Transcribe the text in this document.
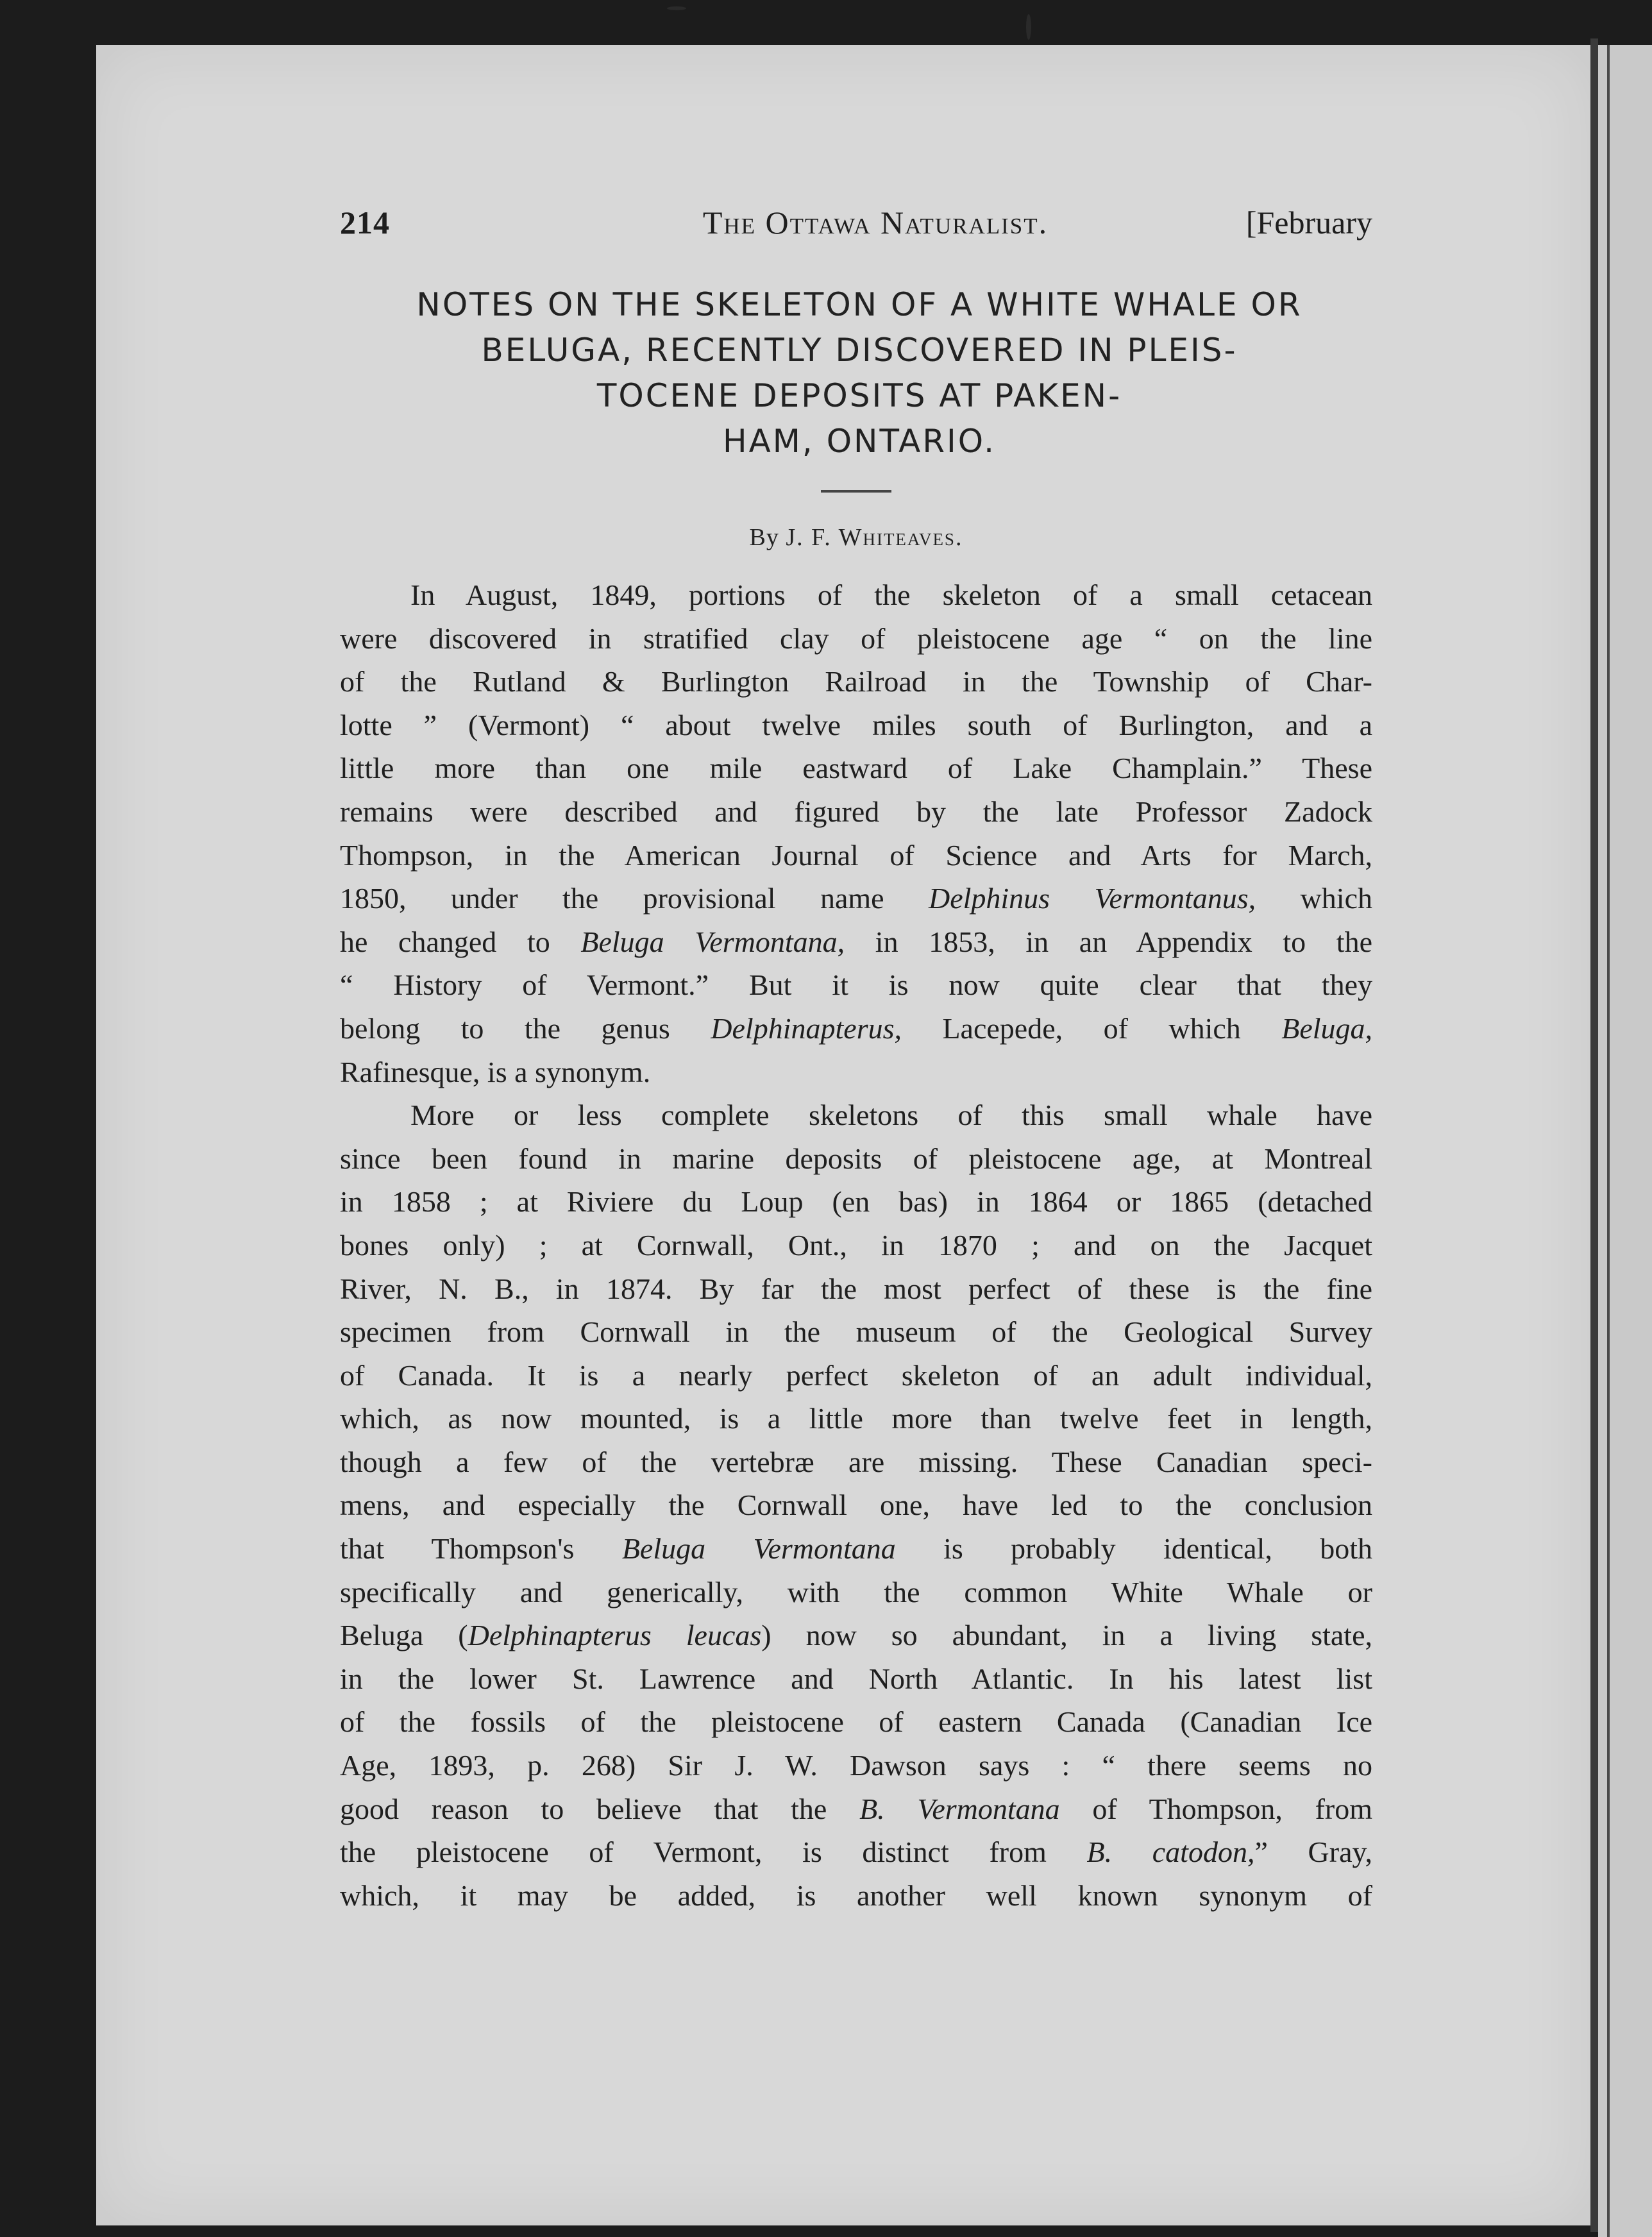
214	The Ottawa Naturalist.	[February
NOTES ON THE SKELETON OF A WHITE WHALE OR
BELUGA, RECENTLY DISCOVERED IN PLEIS-
TOCENE DEPOSITS AT PAKEN-
HAM, ONTARIO.
By J. F. Whiteaves.
In August, 1849, portions of the skeleton of a small cetacean
were discovered in stratified clay of pleistocene age “ on the line
of the Rutland & Burlington Railroad in the Township of Char-
lotte ” (Vermont) “ about twelve miles south of Burlington, and a
little more than one mile eastward of Lake Champlain.” These
remains were described and figured by the late Professor Zadock
Thompson, in the American Journal of Science and Arts for March,
1850, under the provisional name Delphinus Vermontanus, which
he changed to Beluga Vermontana, in 1853, in an Appendix to the
“ History of Vermont.” But it is now quite clear that they
belong to the genus Delphinapterus, Lacepede, of which Beluga,
Rafinesque, is a synonym.
More or less complete skeletons of this small whale have
since been found in marine deposits of pleistocene age, at Montreal
in 1858 ; at Riviere du Loup (en bas) in 1864 or 1865 (detached
bones only) ; at Cornwall, Ont., in 1870 ; and on the Jacquet
River, N. B., in 1874. By far the most perfect of these is the fine
specimen from Cornwall in the museum of the Geological Survey
of Canada. It is a nearly perfect skeleton of an adult individual,
which, as now mounted, is a little more than twelve feet in length,
though a few of the vertebræ are missing. These Canadian speci-
mens, and especially the Cornwall one, have led to the conclusion
that Thompson's Beluga Vermontana is probably identical, both
specifically and generically, with the common White Whale or
Beluga (Delphinapterus leucas) now so abundant, in a living state,
in the lower St. Lawrence and North Atlantic. In his latest list
of the fossils of the pleistocene of eastern Canada (Canadian Ice
Age, 1893, p. 268) Sir J. W. Dawson says : “ there seems no
good reason to believe that the B. Vermontana of Thompson, from
the pleistocene of Vermont, is distinct from B. catodon,” Gray,
which, it may be added, is another well known synonym of
